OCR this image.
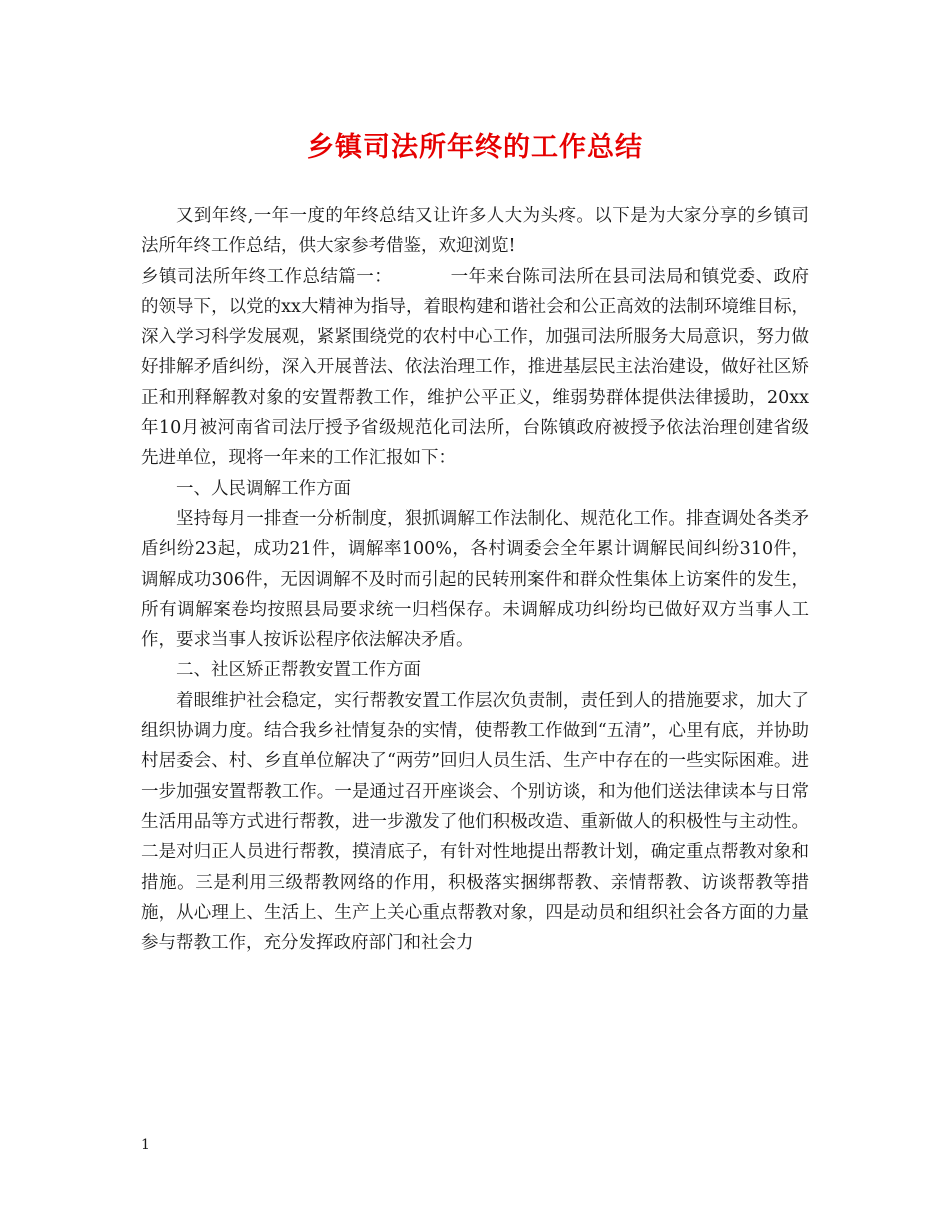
乡镇司法所年终的工作总结

又到年终,一年一度的年终总结又让许多人大为头疼。以下是为大家分享的乡镇司法所年终工作总结，供大家参考借鉴，欢迎浏览!

乡镇司法所年终工作总结篇一：	一年来台陈司法所在县司法局和镇党委、政府的领导下，以党的xx大精神为指导，着眼构建和谐社会和公正高效的法制环境维目标，深入学习科学发展观，紧紧围绕党的农村中心工作，加强司法所服务大局意识，努力做好排解矛盾纠纷，深入开展普法、依法治理工作，推进基层民主法治建设，做好社区矫正和刑释解教对象的安置帮教工作，维护公平正义，维弱势群体提供法律援助，20xx年10月被河南省司法厅授予省级规范化司法所，台陈镇政府被授予依法治理创建省级先进单位，现将一年来的工作汇报如下：

一、人民调解工作方面

坚持每月一排查一分析制度，狠抓调解工作法制化、规范化工作。排查调处各类矛盾纠纷23起，成功21件，调解率100%，各村调委会全年累计调解民间纠纷310件，调解成功306件，无因调解不及时而引起的民转刑案件和群众性集体上访案件的发生，所有调解案卷均按照县局要求统一归档保存。未调解成功纠纷均已做好双方当事人工作，要求当事人按诉讼程序依法解决矛盾。

二、社区矫正帮教安置工作方面

着眼维护社会稳定，实行帮教安置工作层次负责制，责任到人的措施要求，加大了组织协调力度。结合我乡社情复杂的实情，使帮教工作做到“五清”，心里有底，并协助村居委会、村、乡直单位解决了“两劳”回归人员生活、生产中存在的一些实际困难。进一步加强安置帮教工作。一是通过召开座谈会、个别访谈，和为他们送法律读本与日常生活用品等方式进行帮教，进一步激发了他们积极改造、重新做人的积极性与主动性。二是对归正人员进行帮教，摸清底子，有针对性地提出帮教计划，确定重点帮教对象和措施。三是利用三级帮教网络的作用，积极落实捆绑帮教、亲情帮教、访谈帮教等措施，从心理上、生活上、生产上关心重点帮教对象，四是动员和组织社会各方面的力量参与帮教工作，充分发挥政府部门和社会力

1
